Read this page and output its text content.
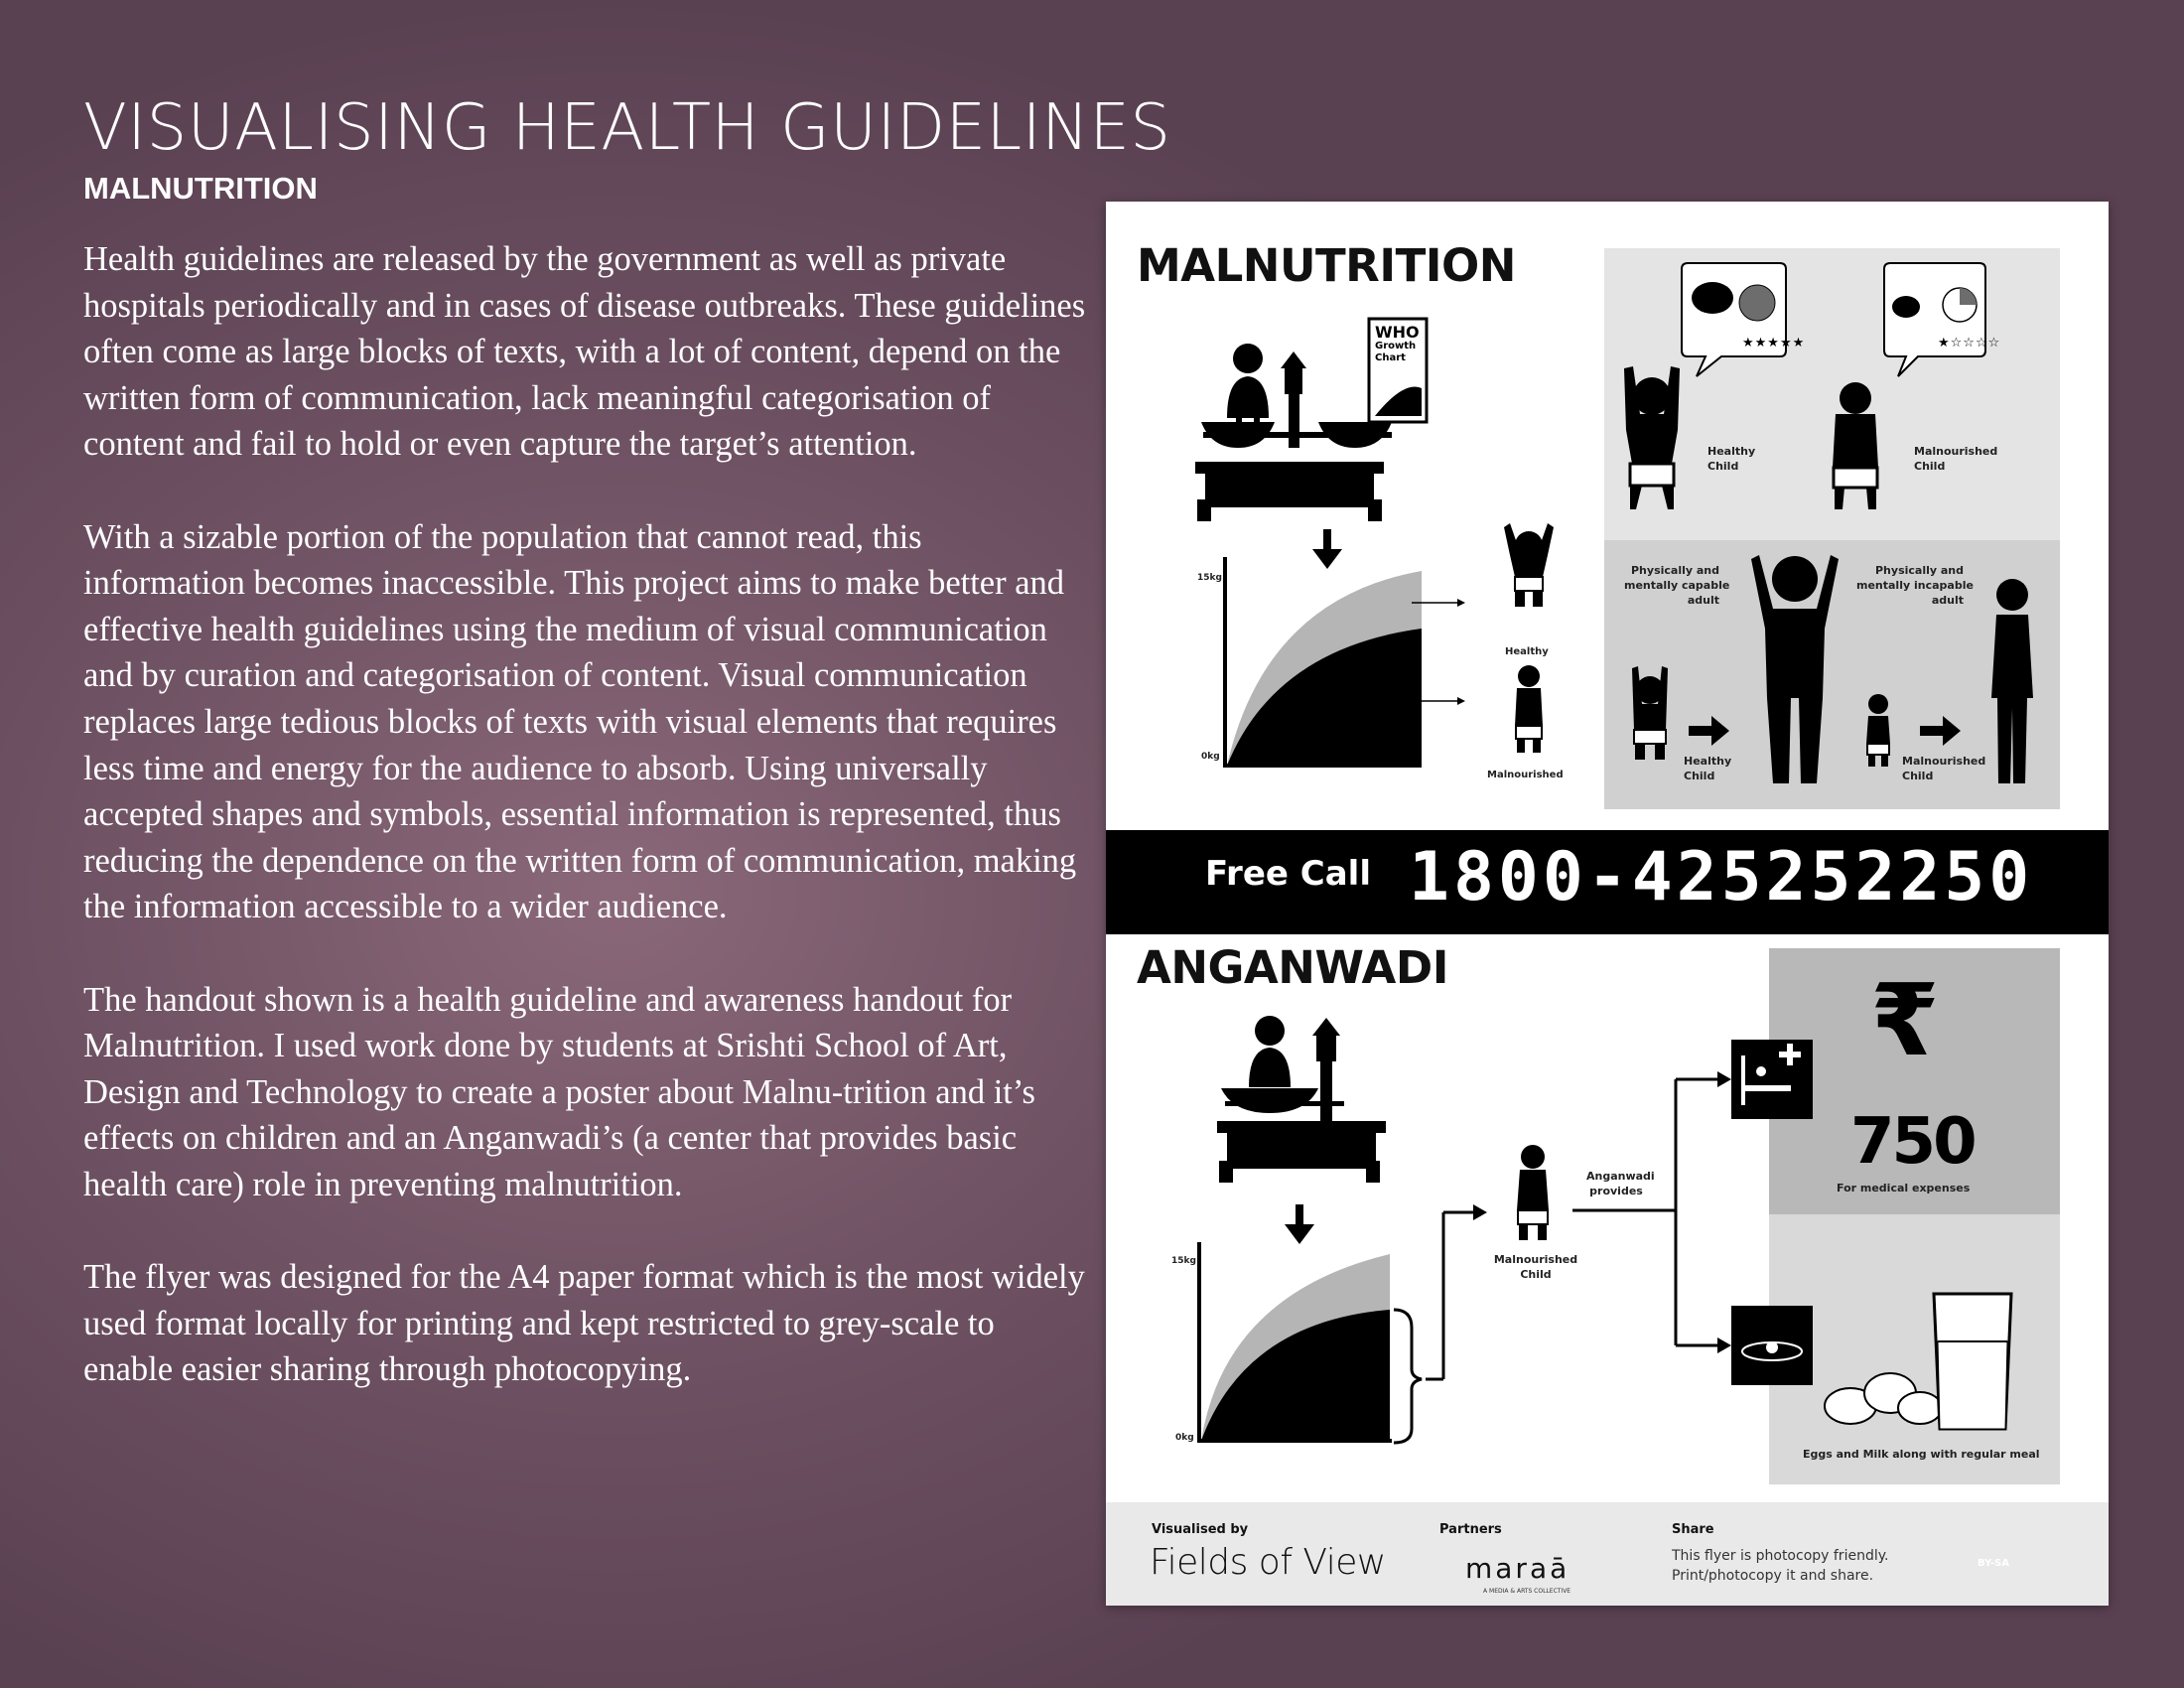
VISUALISING HEALTH GUIDELINES
MALNUTRITION

Health guidelines are released by the government as well as private hospitals periodically and in cases of disease outbreaks. These guidelines often come as large blocks of texts, with a lot of content, depend on the written form of communication, lack meaningful categorisation of content and fail to hold or even capture the target’s attention.

With a sizable portion of the population that cannot read, this information becomes inaccessible. This project aims to make better and effective health guidelines using the medium of visual communication and by curation and categorisation of content. Visual communication replaces large tedious blocks of texts with visual elements that requires less time and energy for the audience to absorb. Using universally accepted shapes and symbols, essential information is represented, thus reducing the dependence on the written form of communication, making the information accessible to a wider audience.

The handout shown is a health guideline and awareness handout for Malnutrition. I used work done by students at Srishti School of Art, Design and Technology to create a poster about Malnu-trition and it’s effects on children and an Anganwadi’s (a center that provides basic health care) role in preventing malnutrition.

The flyer was designed for the A4 paper format which is the most widely used format locally for printing and kept restricted to grey-scale to enable easier sharing through photocopying.

MALNUTRITION
WHO
Growth
Chart
15kg
0kg
Healthy
Malnourished
★★★★★	★☆☆☆☆
Healthy
Child
Malnourished
Child
Physically and
mentally capable
adult
Physically and
mentally incapable
adult
Healthy
Child
Malnourished
Child
Free Call 1800-425252250
ANGANWADI
15kg
0kg
Anganwadi
provides
Malnourished
Child
₹
750
For medical expenses
Eggs and Milk along with regular meal
Visualised by
Fields of View
Partners
maraā
A MEDIA & ARTS COLLECTIVE
Share
This flyer is photocopy friendly.
Print/photocopy it and share.
BY-SA
